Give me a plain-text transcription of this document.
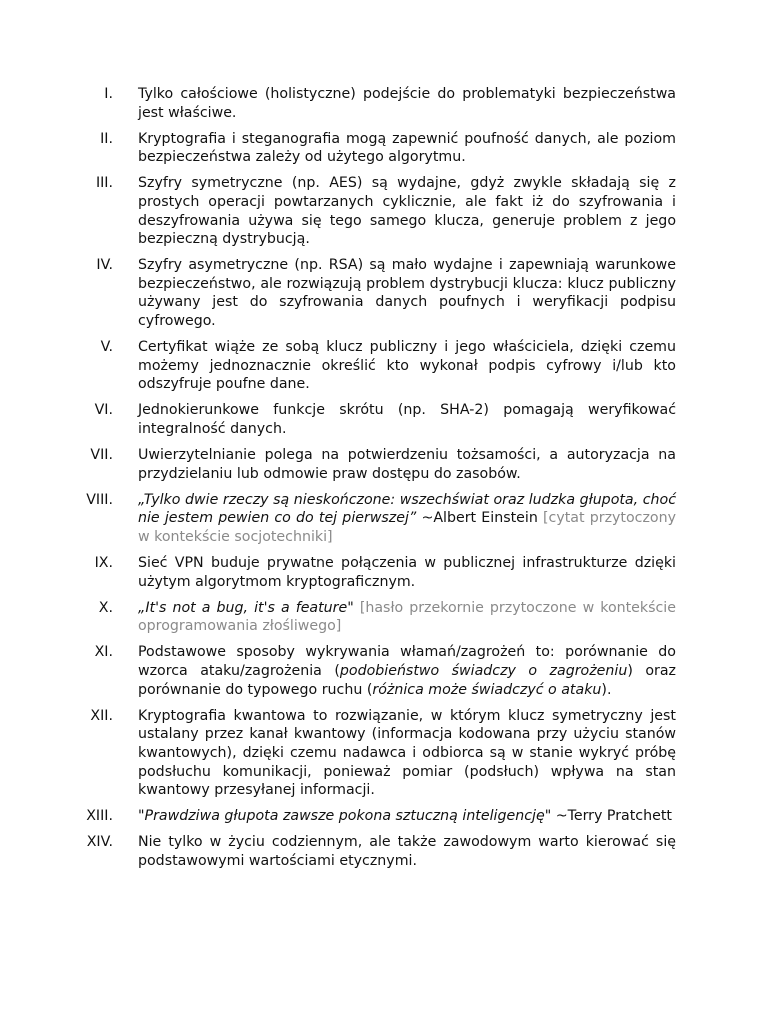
I. Tylko całościowe (holistyczne) podejście do problematyki bezpieczeństwa jest właściwe.
II. Kryptografia i steganografia mogą zapewnić poufność danych, ale poziom bezpieczeństwa zależy od użytego algorytmu.
III. Szyfry symetryczne (np. AES) są wydajne, gdyż zwykle składają się z prostych operacji powtarzanych cyklicznie, ale fakt iż do szyfrowania i deszyfrowania używa się tego samego klucza, generuje problem z jego bezpieczną dystrybucją.
IV. Szyfry asymetryczne (np. RSA) są mało wydajne i zapewniają warunkowe bezpieczeństwo, ale rozwiązują problem dystrybucji klucza: klucz publiczny używany jest do szyfrowania danych poufnych i weryfikacji podpisu cyfrowego.
V. Certyfikat wiąże ze sobą klucz publiczny i jego właściciela, dzięki czemu możemy jednoznacznie określić kto wykonał podpis cyfrowy i/lub kto odszyfruje poufne dane.
VI. Jednokierunkowe funkcje skrótu (np. SHA-2) pomagają weryfikować integralność danych.
VII. Uwierzytelnianie polega na potwierdzeniu tożsamości, a autoryzacja na przydzielaniu lub odmowie praw dostępu do zasobów.
VIII. „Tylko dwie rzeczy są nieskończone: wszechświat oraz ludzka głupota, choć nie jestem pewien co do tej pierwszej” ~Albert Einstein [cytat przytoczony w kontekście socjotechniki]
IX. Sieć VPN buduje prywatne połączenia w publicznej infrastrukturze dzięki użytym algorytmom kryptograficznym.
X. „It's not a bug, it's a feature" [hasło przekornie przytoczone w kontekście oprogramowania złośliwego]
XI. Podstawowe sposoby wykrywania włamań/zagrożeń to: porównanie do wzorca ataku/zagrożenia (podobieństwo świadczy o zagrożeniu) oraz porównanie do typowego ruchu (różnica może świadczyć o ataku).
XII. Kryptografia kwantowa to rozwiązanie, w którym klucz symetryczny jest ustalany przez kanał kwantowy (informacja kodowana przy użyciu stanów kwantowych), dzięki czemu nadawca i odbiorca są w stanie wykryć próbę podsłuchu komunikacji, ponieważ pomiar (podsłuch) wpływa na stan kwantowy przesyłanej informacji.
XIII. "Prawdziwa głupota zawsze pokona sztuczną inteligencję" ~Terry Pratchett
XIV. Nie tylko w życiu codziennym, ale także zawodowym warto kierować się podstawowymi wartościami etycznymi.
